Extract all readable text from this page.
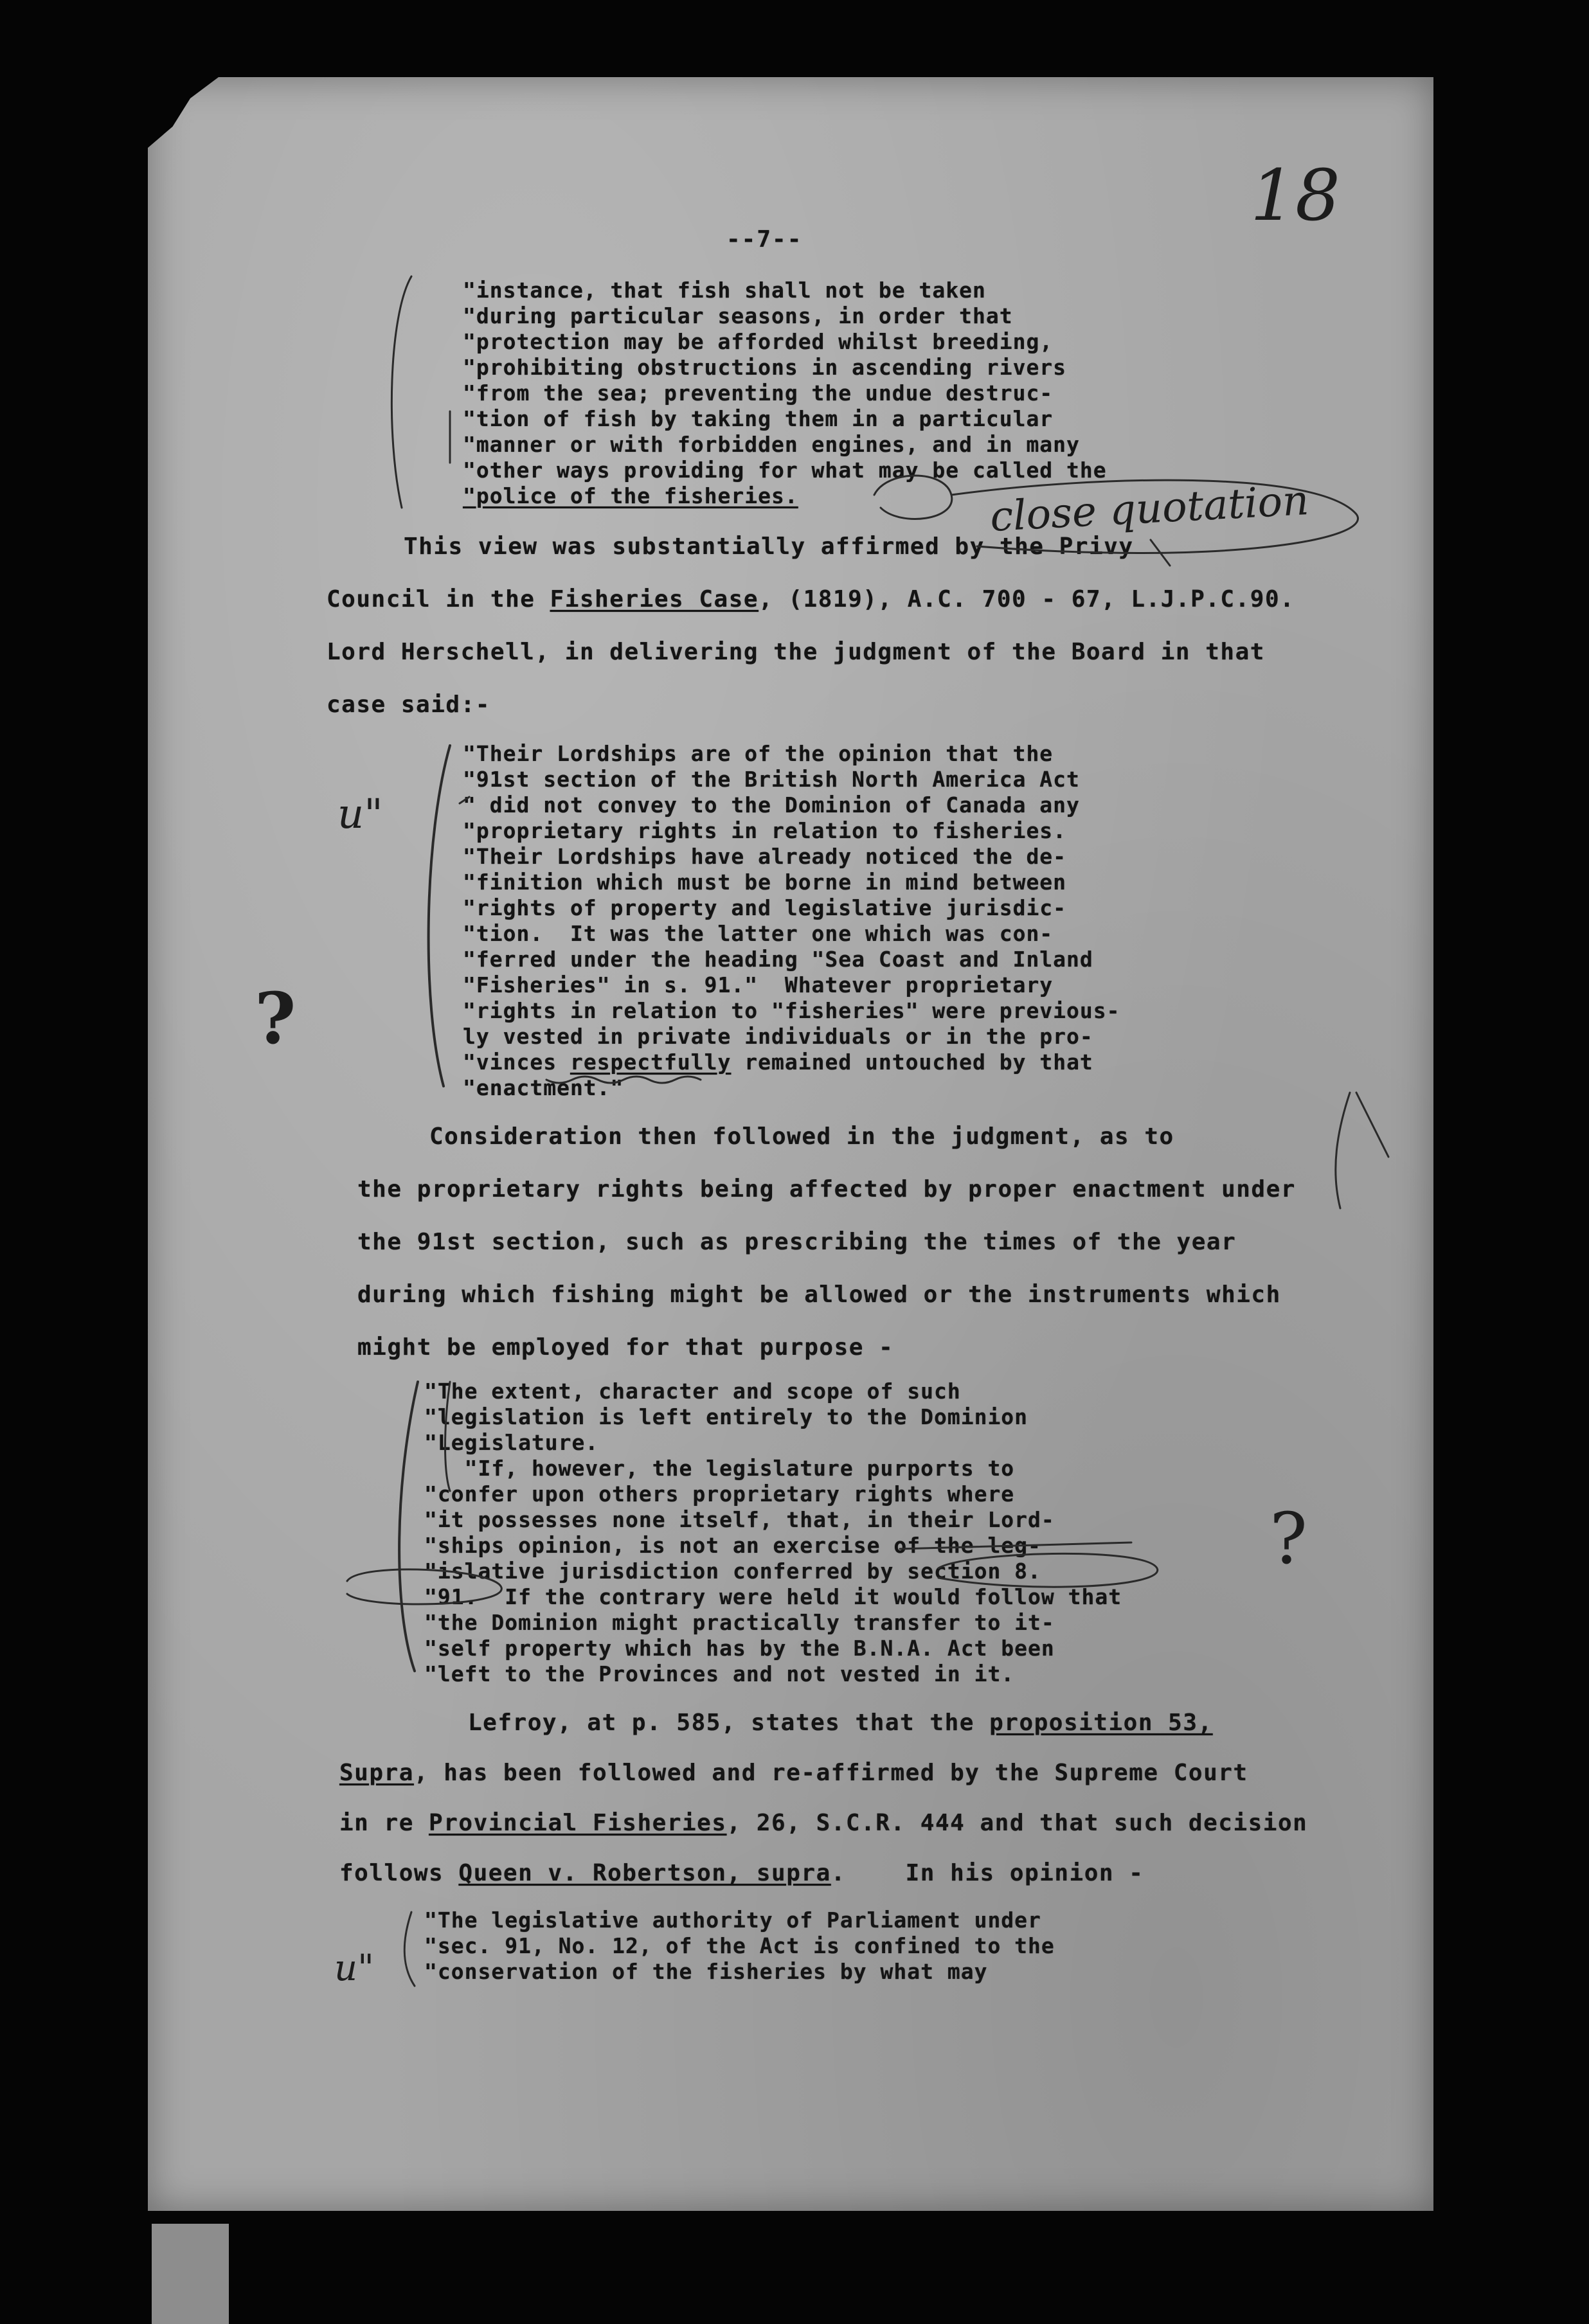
--7--
18
"instance, that fish shall not be taken
"during particular seasons, in order that
"protection may be afforded whilst breeding,
"prohibiting obstructions in ascending rivers
"from the sea; preventing the undue destruc-
"tion of fish by taking them in a particular
"manner or with forbidden engines, and in many
"other ways providing for what may be called the
"police of the fisheries.
This view was substantially affirmed by the Privy
Council in the Fisheries Case, (1819), A.C. 700 - 67, L.J.P.C.90.
Lord Herschell, in delivering the judgment of the Board in that
case said:-
"Their Lordships are of the opinion that the
"91st section of the British North America Act
" did not convey to the Dominion of Canada any
"proprietary rights in relation to fisheries.
"Their Lordships have already noticed the de-
"finition which must be borne in mind between
"rights of property and legislative jurisdic-
"tion.  It was the latter one which was con-
"ferred under the heading "Sea Coast and Inland
"Fisheries" in s. 91."  Whatever proprietary
"rights in relation to "fisheries" were previous-
ly vested in private individuals or in the pro-
"vinces respectfully remained untouched by that
"enactment."
Consideration then followed in the judgment, as to
the proprietary rights being affected by proper enactment under
the 91st section, such as prescribing the times of the year
during which fishing might be allowed or the instruments which
might be employed for that purpose -
"The extent, character and scope of such
"legislation is left entirely to the Dominion
"Legislature.
"If, however, the legislature purports to
"confer upon others proprietary rights where
"it possesses none itself, that, in their Lord-
"ships opinion, is not an exercise of the leg-
"islative jurisdiction conferred by section 8.
"91.  If the contrary were held it would follow that
"the Dominion might practically transfer to it-
"self property which has by the B.N.A. Act been
"left to the Provinces and not vested in it.
Lefroy, at p. 585, states that the proposition 53,
Supra, has been followed and re-affirmed by the Supreme Court
in re Provincial Fisheries, 26, S.C.R. 444 and that such decision
follows Queen v. Robertson, supra.    In his opinion -
"The legislative authority of Parliament under
"sec. 91, No. 12, of the Act is confined to the
"conservation of the fisheries by what may
close quotation
?
?
u"
u"
